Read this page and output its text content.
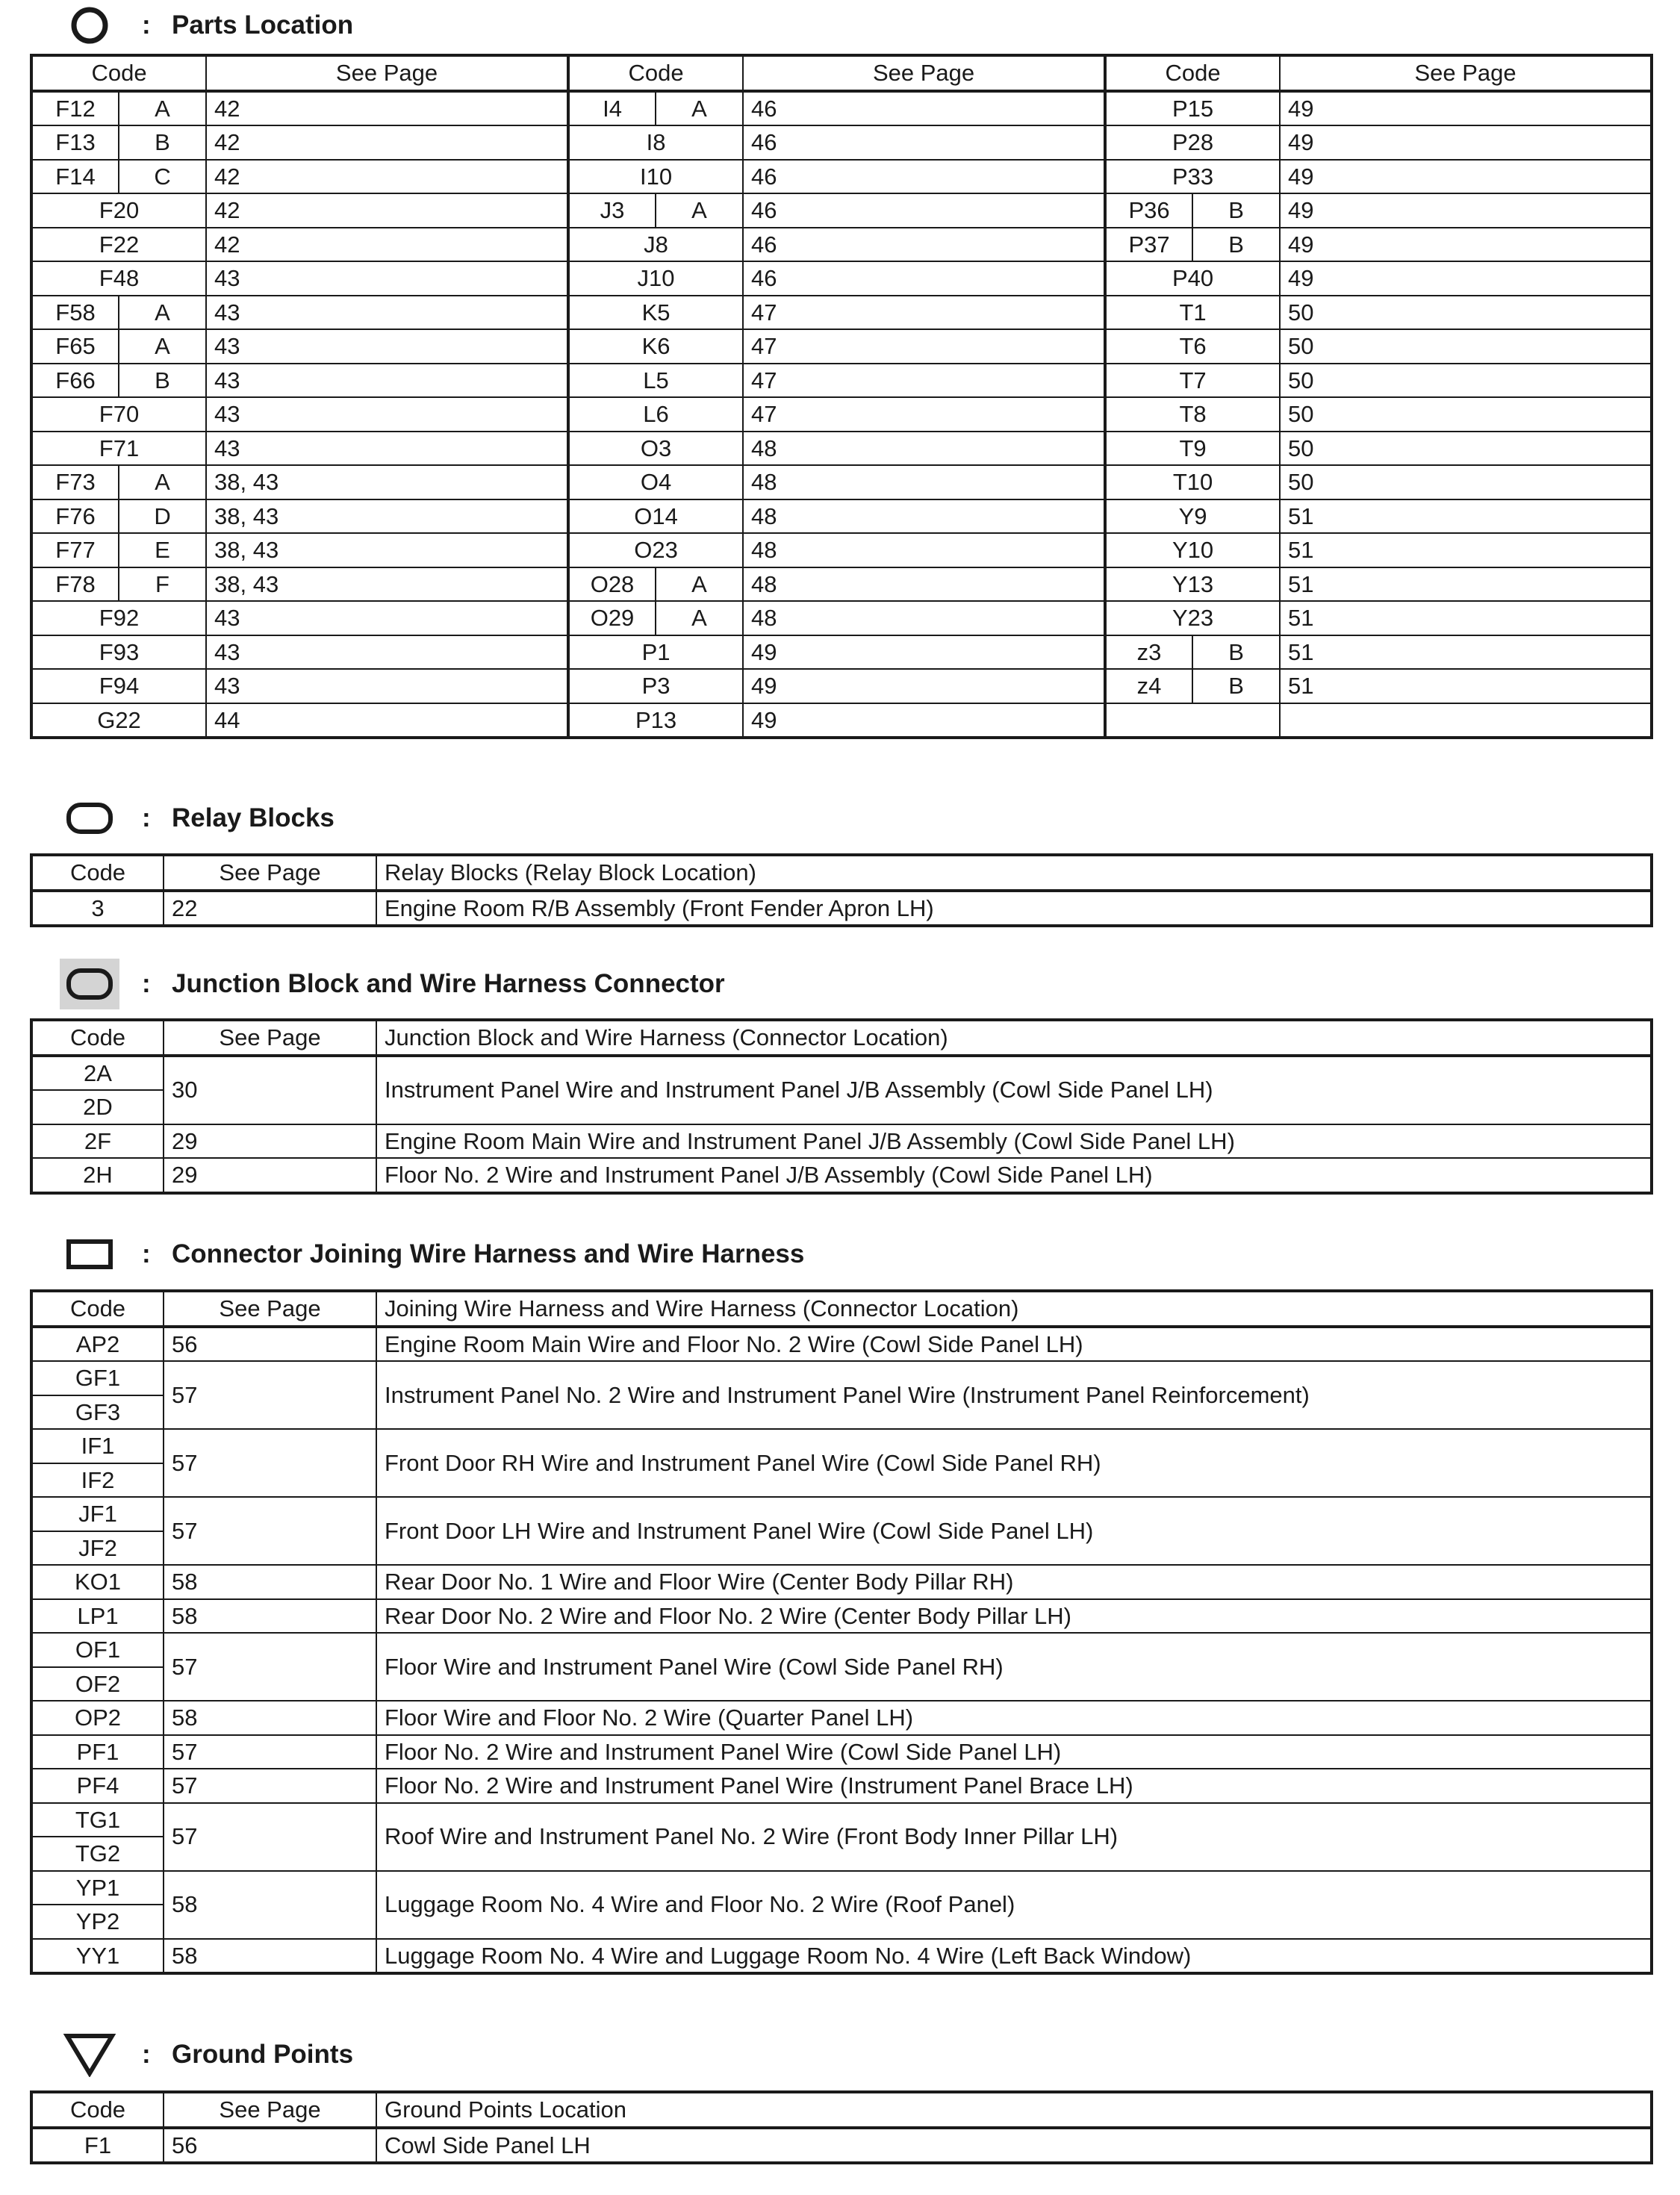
: Parts Location
Code		See Page	Code		See Page	Code		See Page
F12	A	42	I4	A	46	P15		49
F13	B	42	I8		46	P28		49
F14	C	42	I10		46	P33		49
F20		42	J3	A	46	P36	B	49
F22		42	J8		46	P37	B	49
F48		43	J10		46	P40		49
F58	A	43	K5		47	T1		50
F65	A	43	K6		47	T6		50
F66	B	43	L5		47	T7		50
F70		43	L6		47	T8		50
F71		43	O3		48	T9		50
F73	A	38, 43	O4		48	T10		50
F76	D	38, 43	O14		48	Y9		51
F77	E	38, 43	O23		48	Y10		51
F78	F	38, 43	O28	A	48	Y13		51
F92		43	O29	A	48	Y23		51
F93		43	P1		49	z3	B	51
F94		43	P3		49	z4	B	51
G22		44	P13		49			
: Relay Blocks
Code	See Page	Relay Blocks (Relay Block Location)
3	22	Engine Room R/B Assembly (Front Fender Apron LH)
: Junction Block and Wire Harness Connector
Code	See Page	Junction Block and Wire Harness (Connector Location)
2A	30	Instrument Panel Wire and Instrument Panel J/B Assembly (Cowl Side Panel LH)
2D		
2F	29	Engine Room Main Wire and Instrument Panel J/B Assembly (Cowl Side Panel LH)
2H	29	Floor No. 2 Wire and Instrument Panel J/B Assembly (Cowl Side Panel LH)
: Connector Joining Wire Harness and Wire Harness
Code	See Page	Joining Wire Harness and Wire Harness (Connector Location)
AP2	56	Engine Room Main Wire and Floor No. 2 Wire (Cowl Side Panel LH)
GF1	57	Instrument Panel No. 2 Wire and Instrument Panel Wire (Instrument Panel Reinforcement)
GF3		
IF1	57	Front Door RH Wire and Instrument Panel Wire (Cowl Side Panel RH)
IF2		
JF1	57	Front Door LH Wire and Instrument Panel Wire (Cowl Side Panel LH)
JF2		
KO1	58	Rear Door No. 1 Wire and Floor Wire (Center Body Pillar RH)
LP1	58	Rear Door No. 2 Wire and Floor No. 2 Wire (Center Body Pillar LH)
OF1	57	Floor Wire and Instrument Panel Wire (Cowl Side Panel RH)
OF2		
OP2	58	Floor Wire and Floor No. 2 Wire (Quarter Panel LH)
PF1	57	Floor No. 2 Wire and Instrument Panel Wire (Cowl Side Panel LH)
PF4	57	Floor No. 2 Wire and Instrument Panel Wire (Instrument Panel Brace LH)
TG1	57	Roof Wire and Instrument Panel No. 2 Wire (Front Body Inner Pillar LH)
TG2		
YP1	58	Luggage Room No. 4 Wire and Floor No. 2 Wire (Roof Panel)
YP2		
YY1	58	Luggage Room No. 4 Wire and Luggage Room No. 4 Wire (Left Back Window)
: Ground Points
Code	See Page	Ground Points Location
F1	56	Cowl Side Panel LH
